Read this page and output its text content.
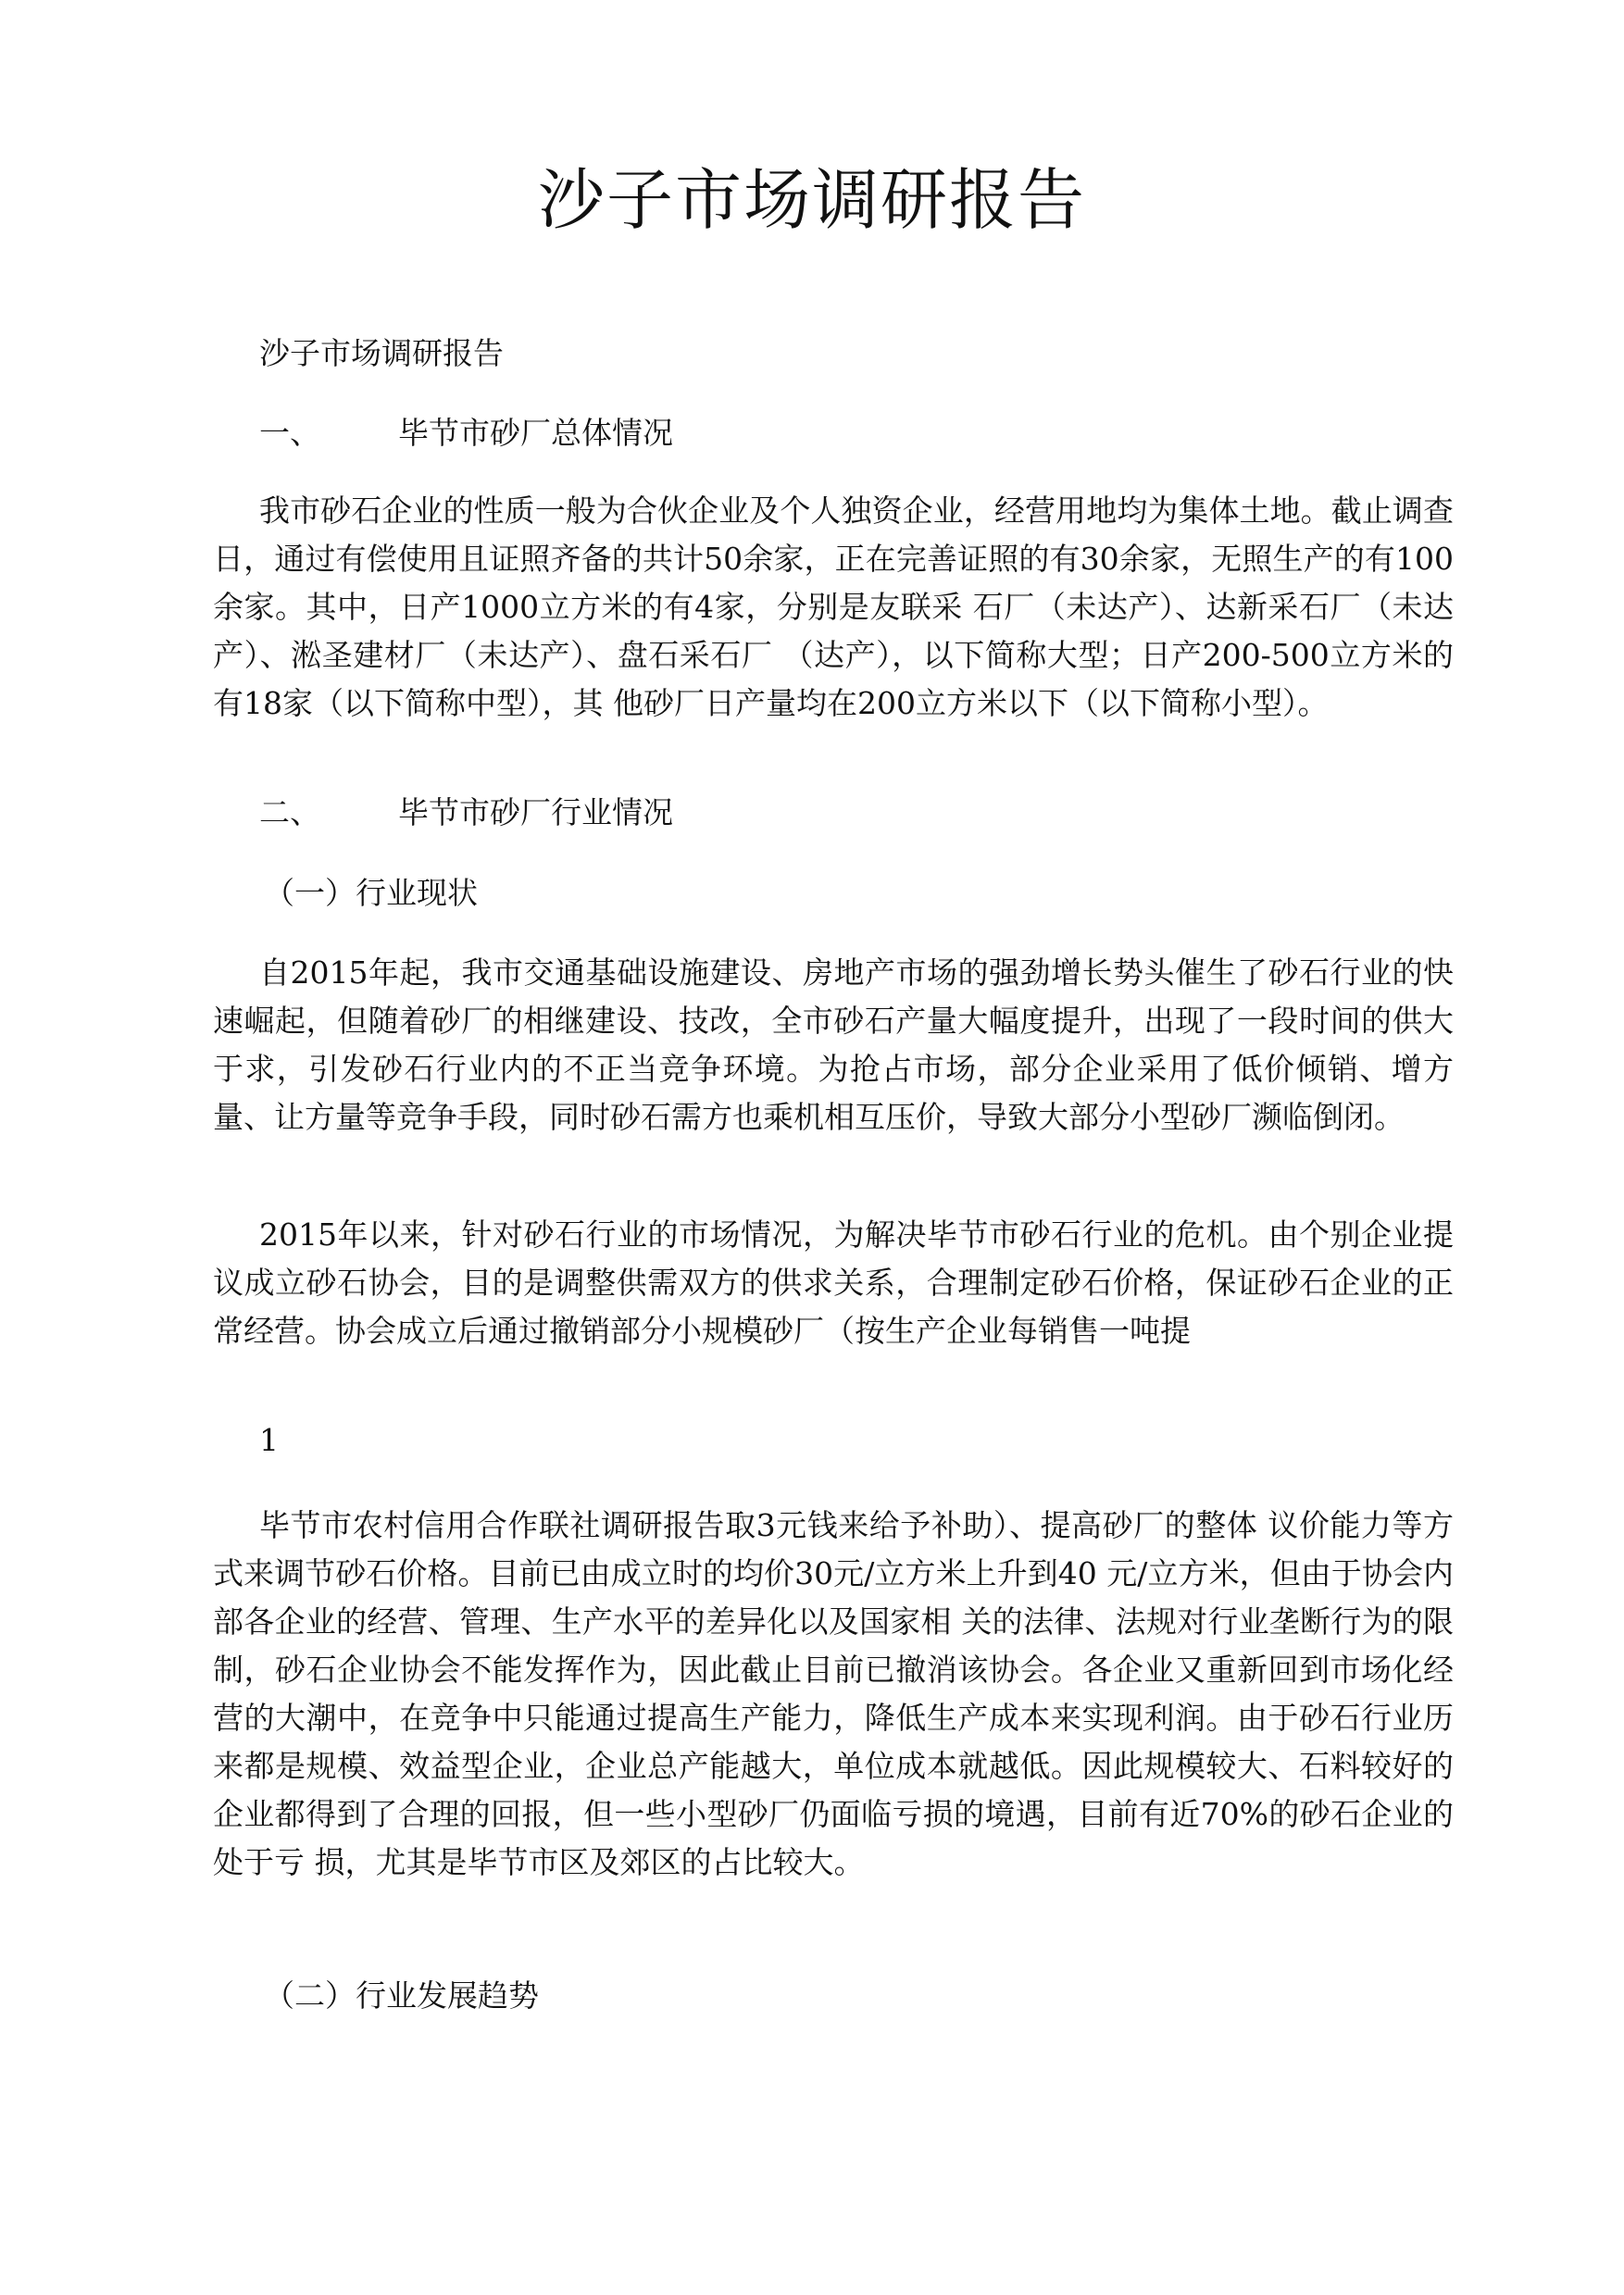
沙子市场调研报告
沙子市场调研报告
一、	毕节市砂厂总体情况

我市砂石企业的性质一般为合伙企业及个人独资企业，经营用地均为集体土地。截止调查日，通过有偿使用且证照齐备的共计50余家，正在完善证照的有30余家，无照生产的有100余家。其中，日产1000立方米的有4家，分别是友联采 石厂（未达产）、达新采石厂（未达产）、淞圣建材厂（未达产）、盘石采石厂 （达产），以下简称大型；日产200-500立方米的有18家（以下简称中型），其 他砂厂日产量均在200立方米以下（以下简称小型）。

二、	毕节市砂厂行业情况
（一）行业现状

自2015年起，我市交通基础设施建设、房地产市场的强劲增长势头催生了砂石行业的快速崛起，但随着砂厂的相继建设、技改，全市砂石产量大幅度提升，出现了一段时间的供大于求，引发砂石行业内的不正当竞争环境。为抢占市场，部分企业采用了低价倾销、增方量、让方量等竞争手段，同时砂石需方也乘机相互压价，导致大部分小型砂厂濒临倒闭。

2015年以来，针对砂石行业的市场情况，为解决毕节市砂石行业的危机。由个别企业提议成立砂石协会，目的是调整供需双方的供求关系，合理制定砂石价格，保证砂石企业的正常经营。协会成立后通过撤销部分小规模砂厂（按生产企业每销售一吨提

1

毕节市农村信用合作联社调研报告取3元钱来给予补助）、提高砂厂的整体 议价能力等方式来调节砂石价格。目前已由成立时的均价30元/立方米上升到40 元/立方米，但由于协会内部各企业的经营、管理、生产水平的差异化以及国家相 关的法律、法规对行业垄断行为的限制，砂石企业协会不能发挥作为，因此截止目前已撤消该协会。各企业又重新回到市场化经营的大潮中，在竞争中只能通过提高生产能力，降低生产成本来实现利润。由于砂石行业历来都是规模、效益型企业，企业总产能越大，单位成本就越低。因此规模较大、石料较好的企业都得到了合理的回报，但一些小型砂厂仍面临亏损的境遇，目前有近70%的砂石企业的处于亏 损，尤其是毕节市区及郊区的占比较大。

（二）行业发展趋势
